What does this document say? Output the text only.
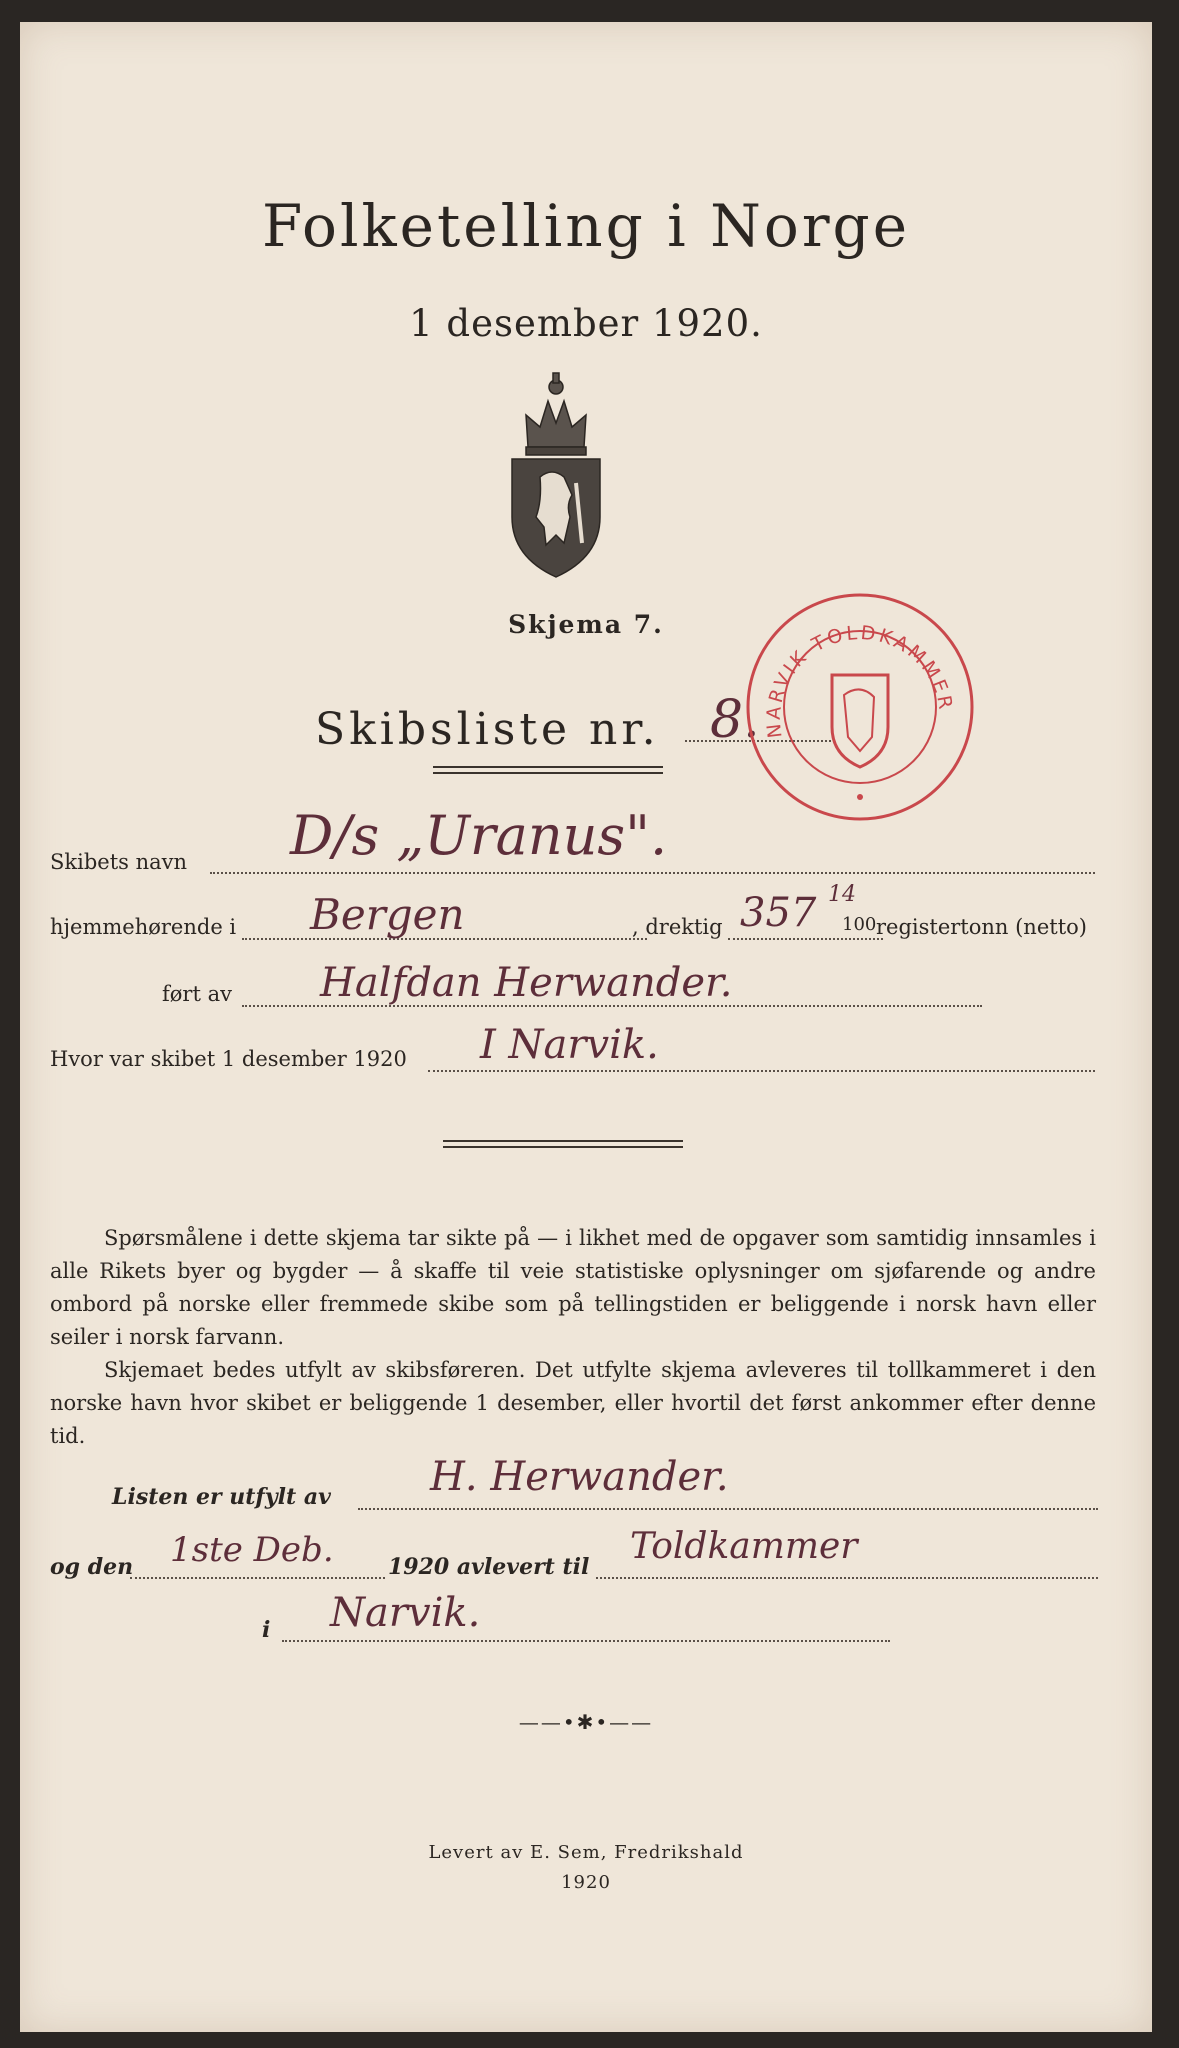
Folketelling i Norge
1 desember 1920.
Skjema 7.
Skibsliste nr. 8. NARVIK TOLDKAMMER
Skibets navn D/s „Uranus".
hjemmehørende i Bergen	, drektig 357 14
100 registertonn (netto)
ført av Halfdan Herwander.
Hvor var skibet 1 desember 1920 I Narvik.

Spørsmålene i dette skjema tar sikte på — i likhet med de opgaver som samtidig innsamles i alle Rikets byer og bygder — å skaffe til veie statistiske oplysninger om sjøfarende og andre ombord på norske eller fremmede skibe som på tellingstiden er beliggende i norsk havn eller seiler i norsk farvann.

Skjemaet bedes utfylt av skibsføreren. Det utfylte skjema avleveres til tollkammeret i den norske havn hvor skibet er beliggende 1 desember, eller hvortil det først ankommer efter denne tid.

Listen er utfylt av H. Herwander.
og den 1ste Deb. 1920 avlevert til Toldkammer
i Narvik.
——•✱•——
Levert av E. Sem, Fredrikshald
1920
